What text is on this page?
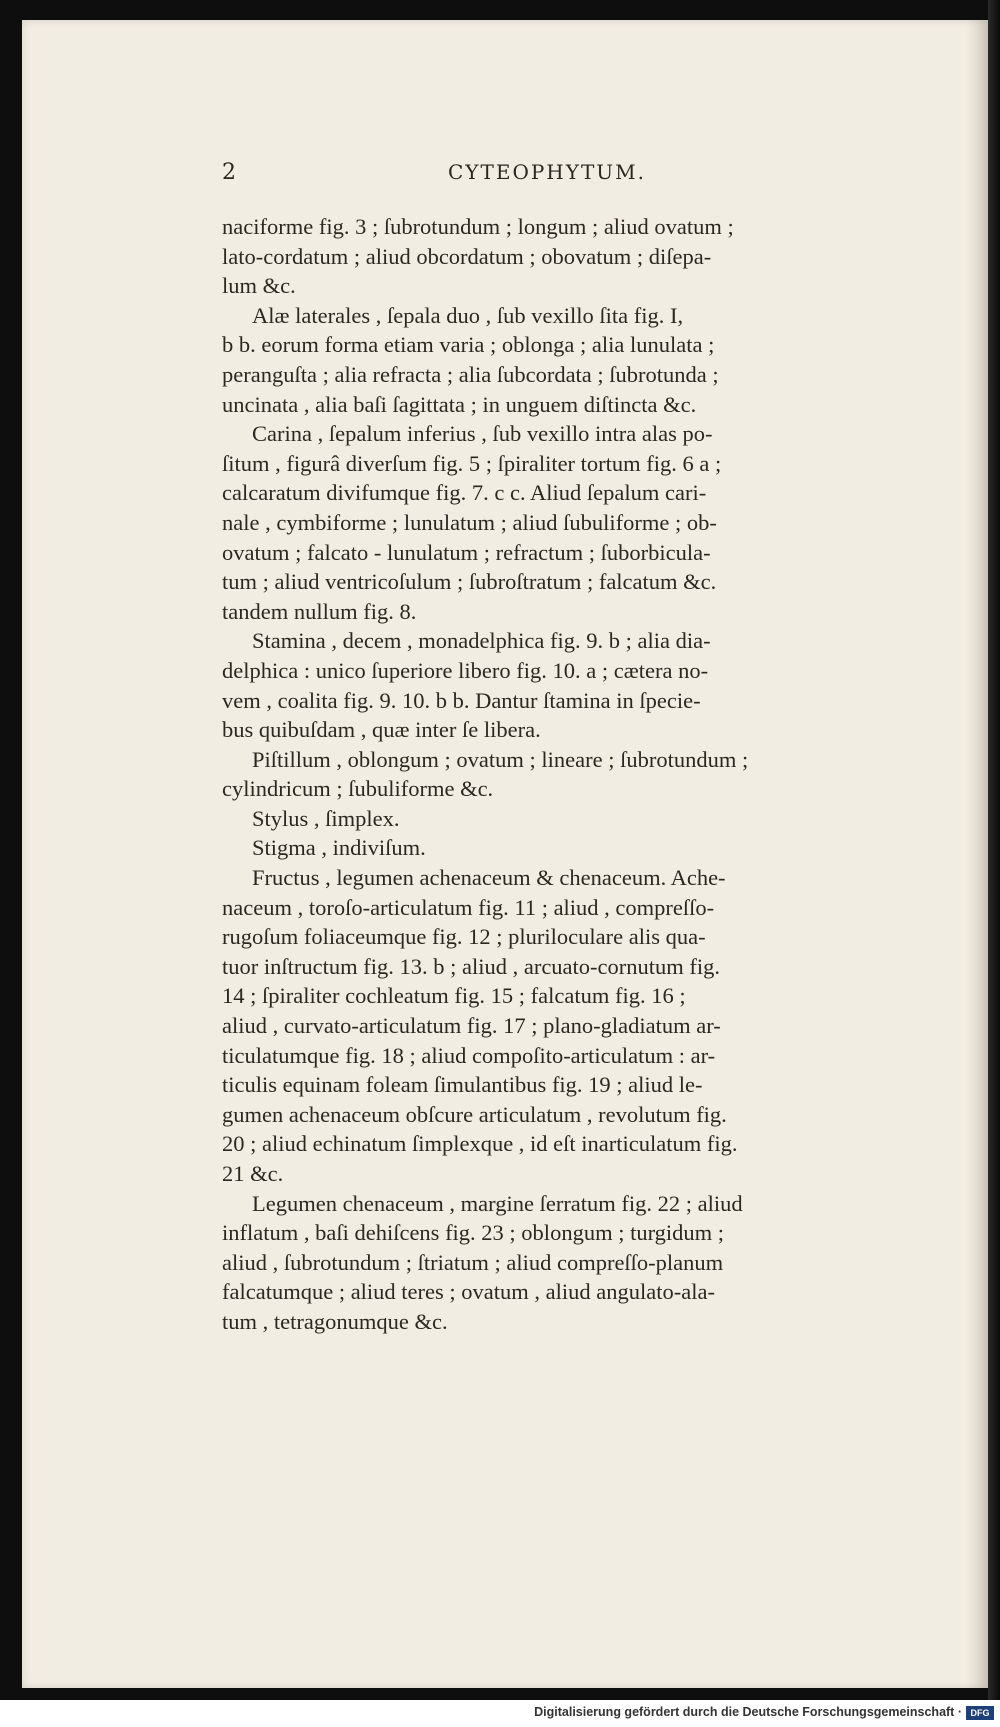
2	CYTEOPHYTUM.
naciforme fig. 3 ; ſubrotundum ; longum ; aliud ovatum ;
lato-cordatum ; aliud obcordatum ; obovatum ; diſepa-
lum &c.
Alæ laterales , ſepala duo , ſub vexillo ſita fig. I,
b b. eorum forma etiam varia ; oblonga ; alia lunulata ;
peranguſta ; alia refracta ; alia ſubcordata ; ſubrotunda ;
uncinata , alia baſi ſagittata ; in unguem diſtincta &c.
Carina , ſepalum inferius , ſub vexillo intra alas po-
ſitum , figurâ diverſum fig. 5 ; ſpiraliter tortum fig. 6 a ;
calcaratum divifumque fig. 7. c c. Aliud ſepalum cari-
nale , cymbiforme ; lunulatum ; aliud ſubuliforme ; ob-
ovatum ; falcato - lunulatum ; refractum ; ſuborbicula-
tum ; aliud ventricoſulum ; ſubroſtratum ; falcatum &c.
tandem nullum fig. 8.
Stamina , decem , monadelphica fig. 9. b ; alia dia-
delphica : unico ſuperiore libero fig. 10. a ; cætera no-
vem , coalita fig. 9. 10. b b. Dantur ſtamina in ſpecie-
bus quibuſdam , quæ inter ſe libera.
Piſtillum , oblongum ; ovatum ; lineare ; ſubrotundum ;
cylindricum ; ſubuliforme &c.
Stylus , ſimplex.
Stigma , indiviſum.
Fructus , legumen achenaceum & chenaceum. Ache-
naceum , toroſo-articulatum fig. 11 ; aliud , compreſſo-
rugoſum foliaceumque fig. 12 ; pluriloculare alis qua-
tuor inſtructum fig. 13. b ; aliud , arcuato-cornutum fig.
14 ; ſpiraliter cochleatum fig. 15 ; falcatum fig. 16 ;
aliud , curvato-articulatum fig. 17 ; plano-gladiatum ar-
ticulatumque fig. 18 ; aliud compoſito-articulatum : ar-
ticulis equinam foleam ſimulantibus fig. 19 ; aliud le-
gumen achenaceum obſcure articulatum , revolutum fig.
20 ; aliud echinatum ſimplexque , id eſt inarticulatum fig.
21 &c.
Legumen chenaceum , margine ſerratum fig. 22 ; aliud
inflatum , baſi dehiſcens fig. 23 ; oblongum ; turgidum ;
aliud , ſubrotundum ; ſtriatum ; aliud compreſſo-planum
falcatumque ; aliud teres ; ovatum , aliud angulato-ala-
tum , tetragonumque &c.
Digitalisierung gefördert durch die Deutsche Forschungsgemeinschaft · DFG
